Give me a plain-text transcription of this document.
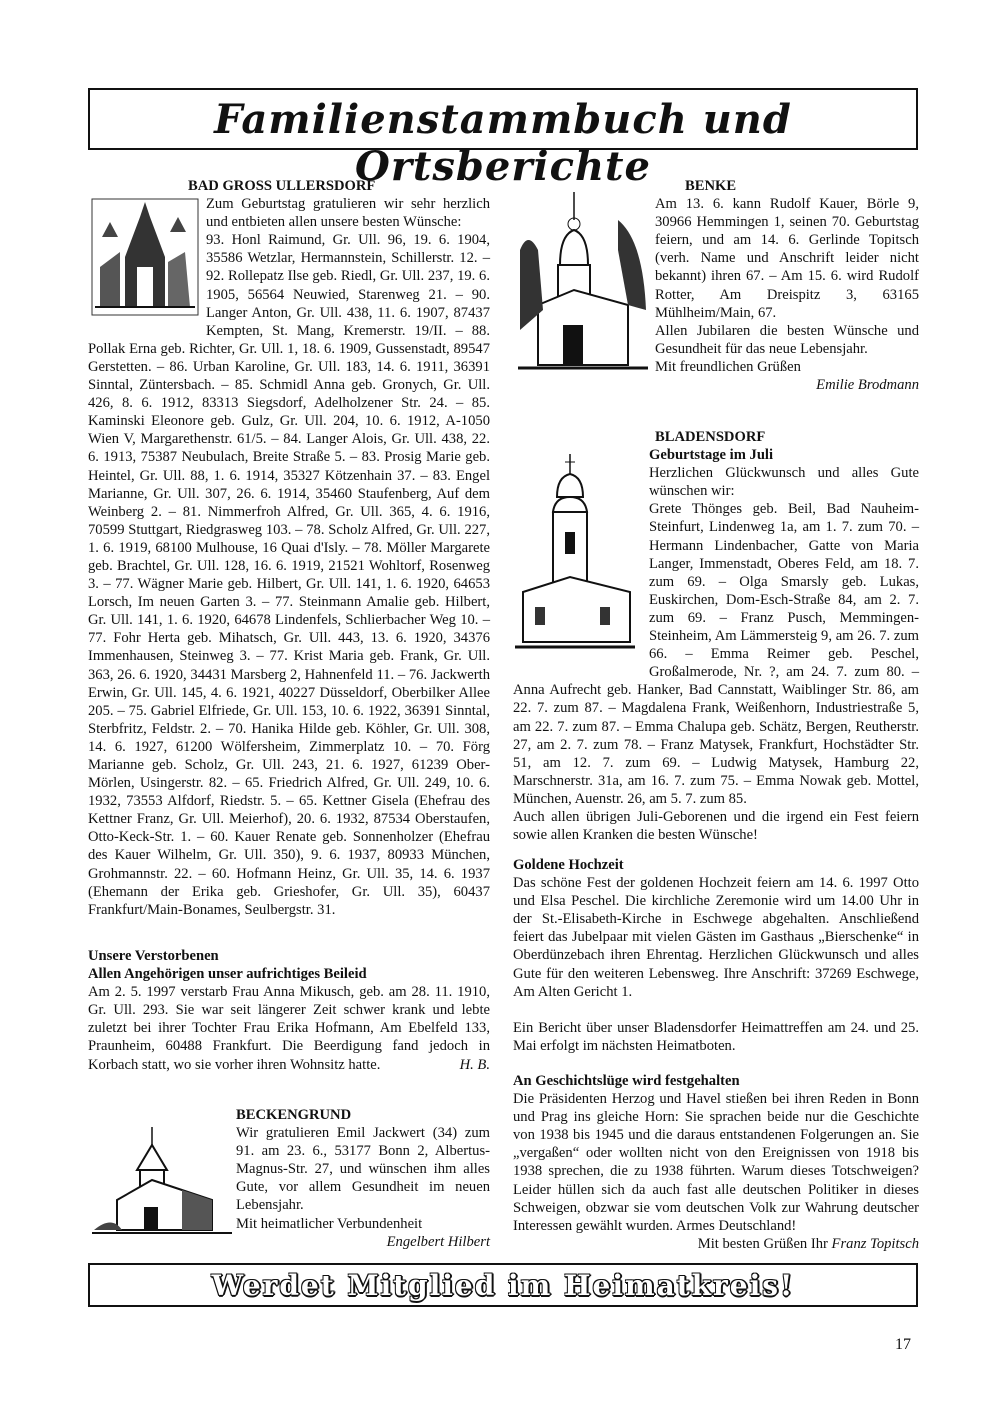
Familienstammbuch und Ortsberichte

BAD GROSS ULLERSDORF

Zum Geburtstag gratulieren wir sehr herzlich und entbieten allen unsere besten Wünsche:

93. Honl Raimund, Gr. Ull. 96, 19. 6. 1904, 35586 Wetzlar, Hermannstein, Schillerstr. 12. – 92. Rollepatz Ilse geb. Riedl, Gr. Ull. 237, 19. 6. 1905, 56564 Neuwied, Starenweg 21. – 90. Langer Anton, Gr. Ull. 438, 11. 6. 1907, 87437 Kempten, St. Mang, Kremerstr. 19/II. – 88. Pollak Erna geb. Richter, Gr. Ull. 1, 18. 6. 1909, Gussenstadt, 89547 Gerstetten. – 86. Urban Karoline, Gr. Ull. 183, 14. 6. 1911, 36391 Sinntal, Züntersbach. – 85. Schmidl Anna geb. Gronych, Gr. Ull. 426, 8. 6. 1912, 83313 Siegsdorf, Adelholzener Str. 24. – 85. Kaminski Eleonore geb. Gulz, Gr. Ull. 204, 10. 6. 1912, A-1050 Wien V, Margarethenstr. 61/5. – 84. Langer Alois, Gr. Ull. 438, 22. 6. 1913, 75387 Neubulach, Breite Straße 5. – 83. Prosig Marie geb. Heintel, Gr. Ull. 88, 1. 6. 1914, 35327 Kötzenhain 37. – 83. Engel Marianne, Gr. Ull. 307, 26. 6. 1914, 35460 Staufenberg, Auf dem Weinberg 2. – 81. Nimmerfroh Alfred, Gr. Ull. 365, 4. 6. 1916, 70599 Stuttgart, Riedgrasweg 103. – 78. Scholz Alfred, Gr. Ull. 227, 1. 6. 1919, 68100 Mulhouse, 16 Quai d'Isly. – 78. Möller Margarete geb. Brachtel, Gr. Ull. 128, 16. 6. 1919, 21521 Wohltorf, Rosenweg 3. – 77. Wägner Marie geb. Hilbert, Gr. Ull. 141, 1. 6. 1920, 64653 Lorsch, Im neuen Garten 3. – 77. Steinmann Amalie geb. Hilbert, Gr. Ull. 141, 1. 6. 1920, 64678 Lindenfels, Schlierbacher Weg 10. – 77. Fohr Herta geb. Mihatsch, Gr. Ull. 443, 13. 6. 1920, 34376 Immenhausen, Steinweg 3. – 77. Krist Maria geb. Frank, Gr. Ull. 363, 26. 6. 1920, 34431 Marsberg 2, Hahnenfeld 11. – 76. Jackwerth Erwin, Gr. Ull. 145, 4. 6. 1921, 40227 Düsseldorf, Oberbilker Allee 205. – 75. Gabriel Elfriede, Gr. Ull. 153, 10. 6. 1922, 36391 Sinntal, Sterbfritz, Feldstr. 2. – 70. Hanika Hilde geb. Köhler, Gr. Ull. 308, 14. 6. 1927, 61200 Wölfersheim, Zimmerplatz 10. – 70. Förg Marianne geb. Scholz, Gr. Ull. 243, 21. 6. 1927, 61239 Ober-Mörlen, Usingerstr. 82. – 65. Friedrich Alfred, Gr. Ull. 249, 10. 6. 1932, 73553 Alfdorf, Riedstr. 5. – 65. Kettner Gisela (Ehefrau des Kettner Franz, Gr. Ull. Meierhof), 20. 6. 1932, 87534 Oberstaufen, Otto-Keck-Str. 1. – 60. Kauer Renate geb. Sonnenholzer (Ehefrau des Kauer Wilhelm, Gr. Ull. 350), 9. 6. 1937, 80933 München, Grohmannstr. 22. – 60. Hofmann Heinz, Gr. Ull. 35, 14. 6. 1937 (Ehemann der Erika geb. Grieshofer, Gr. Ull. 35), 60437 Frankfurt/Main-Bonames, Seulbergstr. 31.

Unsere Verstorbenen

Allen Angehörigen unser aufrichtiges Beileid

Am 2. 5. 1997 verstarb Frau Anna Mikusch, geb. am 28. 11. 1910, Gr. Ull. 293. Sie war seit längerer Zeit schwer krank und lebte zuletzt bei ihrer Tochter Frau Erika Hofmann, Am Ebelfeld 133, Praunheim, 60488 Frankfurt. Die Beerdigung fand jedoch in Korbach statt, wo sie vorher ihren Wohnsitz hatte.	H. B.

BECKENGRUND

Wir gratulieren Emil Jackwert (34) zum 91. am 23. 6., 53177 Bonn 2, Albertus-Magnus-Str. 27, und wünschen ihm alles Gute, vor allem Gesundheit im neuen Lebensjahr.

Mit heimatlicher Verbundenheit

Engelbert Hilbert

BENKE

Am 13. 6. kann Rudolf Kauer, Börle 9, 30966 Hemmingen 1, seinen 70. Geburtstag feiern, und am 14. 6. Gerlinde Topitsch (verh. Name und Anschrift leider nicht bekannt) ihren 67. – Am 15. 6. wird Rudolf Rotter, Am Dreispitz 3, 63165 Mühlheim/Main, 67.

Allen Jubilaren die besten Wünsche und Gesundheit für das neue Lebensjahr.

Mit freundlichen Grüßen

Emilie Brodmann

BLADENSDORF

Geburtstage im Juli

Herzlichen Glückwunsch und alles Gute wünschen wir:

Grete Thönges geb. Beil, Bad Nauheim-Steinfurt, Lindenweg 1a, am 1. 7. zum 70. – Hermann Lindenbacher, Gatte von Maria Langer, Immenstadt, Oberes Feld, am 18. 7. zum 69. – Olga Smarsly geb. Lukas, Euskirchen, Dom-Esch-Straße 84, am 2. 7. zum 69. – Franz Pusch, Memmingen-Steinheim, Am Lämmersteig 9, am 26. 7. zum 66. – Emma Reimer geb. Peschel, Großalmerode, Nr. ?, am 24. 7. zum 80. – Anna Aufrecht geb. Hanker, Bad Cannstatt, Waiblinger Str. 86, am 22. 7. zum 87. – Magdalena Frank, Weißenhorn, Industriestraße 5, am 22. 7. zum 87. – Emma Chalupa geb. Schätz, Bergen, Reutherstr. 27, am 2. 7. zum 78. – Franz Matysek, Frankfurt, Hochstädter Str. 51, am 12. 7. zum 69. – Ludwig Matysek, Hamburg 22, Marschnerstr. 31a, am 16. 7. zum 75. – Emma Nowak geb. Mottel, München, Auenstr. 26, am 5. 7. zum 85.

Auch allen übrigen Juli-Geborenen und die irgend ein Fest feiern sowie allen Kranken die besten Wünsche!

Goldene Hochzeit

Das schöne Fest der goldenen Hochzeit feiern am 14. 6. 1997 Otto und Elsa Peschel. Die kirchliche Zeremonie wird um 14.00 Uhr in der St.-Elisabeth-Kirche in Eschwege abgehalten. Anschließend feiert das Jubelpaar mit vielen Gästen im Gasthaus „Bierschenke“ in Oberdünzebach ihren Ehrentag. Herzlichen Glückwunsch und alles Gute für den weiteren Lebensweg. Ihre Anschrift: 37269 Eschwege, Am Alten Gericht 1.

Ein Bericht über unser Bladensdorfer Heimattreffen am 24. und 25. Mai erfolgt im nächsten Heimatboten.

An Geschichtslüge wird festgehalten

Die Präsidenten Herzog und Havel stießen bei ihren Reden in Bonn und Prag ins gleiche Horn: Sie sprachen beide nur die Geschichte von 1938 bis 1945 und die daraus entstandenen Folgerungen an. Sie „vergaßen“ oder wollten nicht von den Ereignissen von 1918 bis 1938 sprechen, die zu 1938 führten. Warum dieses Totschweigen? Leider hüllen sich da auch fast alle deutschen Politiker in dieses Schweigen, obzwar sie vom deutschen Volk zur Wahrung deutscher Interessen gewählt wurden. Armes Deutschland!
Mit besten Grüßen Ihr Franz Topitsch

Werdet Mitglied im Heimatkreis!
17
